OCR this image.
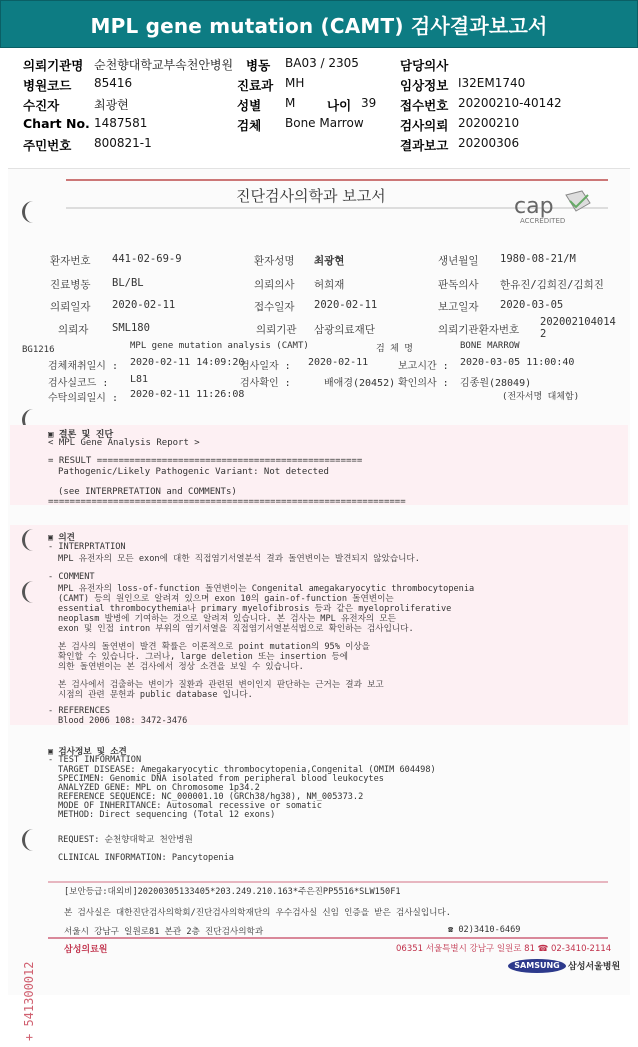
MPL gene mutation (CAMT) 검사결과보고서
의뢰기관명 순천향대학교부속천안병원 병동 BA03 / 2305	담당의사
병원코드 85416	진료과 MH	임상정보 I32EM1740
수진자	최광현	성별 M	나이 39 접수번호 20200210-40142
Chart No. 1487581	검체 Bone Marrow	검사의뢰 20200210
주민번호 800821-1	결과보고 20200306
진단검사의학과 보고서	cap
ACCREDITED
환자번호 441-02-69-9	환자성명 최광현	생년월일 1980-08-21/M
진료병동 BL/BL	의뢰의사 허희재	판독의사 한유진/김희진/김희진
의뢰일자 2020-02-11	접수일자 2020-02-11	보고일자 2020-03-05
의뢰자 SML180	의뢰기관 삼광의료재단	의뢰기관환자번호
202002104014
2
BG1216	MPL gene mutation analysis (CAMT)	검 체 명	BONE MARROW
검체채취일시 : 2020-02-11 14:09:20
검사일자 : 2020-02-11	보고시간 : 2020-03-05 11:00:40
검사실코드 : L81	검사확인 :	배애경(20452) 확인의사 : 김종원(28049)
수탁의뢰일시 : 2020-02-11 11:26:08	(전자서명 대체함)
▣ 결론 및 진단
< MPL Gene Analysis Report >
= RESULT =================================================
Pathogenic/Likely Pathogenic Variant: Not detected
(see INTERPRETATION and COMMENTs)
==================================================================
▣ 의견
- INTERPRTATION
MPL 유전자의 모든 exon에 대한 직접염기서열분석 결과 돌연변이는 발견되지 않았습니다.
- COMMENT
MPL 유전자의 loss-of-function 돌연변이는 Congenital amegakaryocytic thrombocytopenia
(CAMT) 등의 원인으로 알려져 있으며 exon 10의 gain-of-function 돌연변이는
essential thrombocythemia나 primary myelofibrosis 등과 같은 myeloproliferative
neoplasm 발병에 기여하는 것으로 알려져 있습니다. 본 검사는 MPL 유전자의 모든
exon 및 인접 intron 부위의 염기서열을 직접염기서열분석법으로 확인하는 검사입니다.
본 검사의 돌연변이 발견 확률은 이론적으로 point mutation의 95% 이상을
확인할 수 있습니다. 그러나, large deletion 또는 insertion 등에
의한 돌연변이는 본 검사에서 정상 소견을 보일 수 있습니다.
본 검사에서 검출하는 변이가 질환과 관련된 변이인지 판단하는 근거는 결과 보고
시점의 관련 문헌과 public database 입니다.
- REFERENCES
Blood 2006 108: 3472-3476
▣ 검사정보 및 소견
- TEST INFORMATION
TARGET DISEASE: Amegakaryocytic thrombocytopenia,Congenital (OMIM 604498)
SPECIMEN: Genomic DNA isolated from peripheral blood leukocytes
ANALYZED GENE: MPL on Chromosome 1p34.2
REFERENCE SEQUENCE: NC_000001.10 (GRCh38/hg38), NM_005373.2
MODE OF INHERITANCE: Autosomal recessive or somatic
METHOD: Direct sequencing (Total 12 exons)
REQUEST: 순천향대학교 천안병원
CLINICAL INFORMATION: Pancytopenia
+ 541300012
[보안등급:대외비]20200305133405*203.249.210.163*주은진PP5516*SLW150F1
본 검사실은 대한진단검사의학회/진단검사의학재단의 우수검사실 신임 인증을 받은 검사실입니다.
서울시 강남구 일원로81 본관 2층 진단검사의학과	☎ 02)3410-6469
삼성의료원	06351 서울특별시 강남구 일원로 81 ☎ 02-3410-2114
SAMSUNG 삼성서울병원
